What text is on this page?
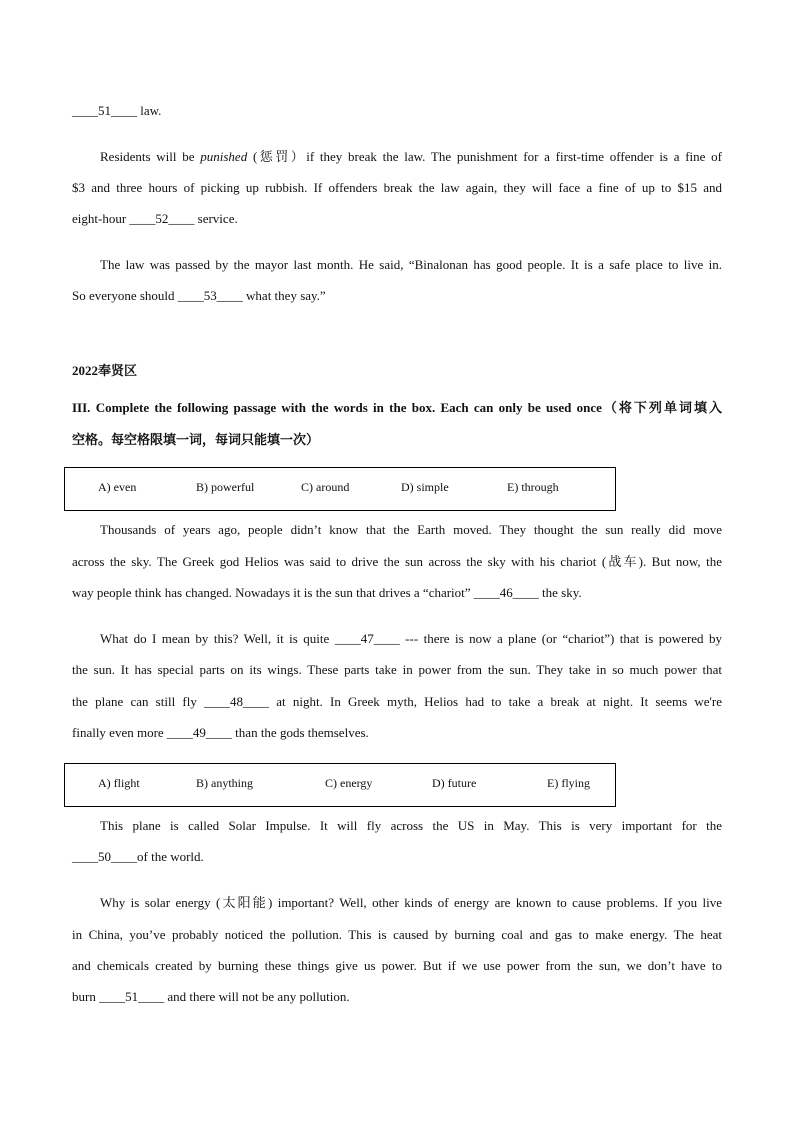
____51____ law.
Residents will be punished (惩罚）if they break the law. The punishment for a first-time offender is a fine of
$3 and three hours of picking up rubbish. If offenders break the law again, they will face a fine of up to $15 and
eight-hour ____52____ service.
The law was passed by the mayor last month. He said, “Binalonan has good people. It is a safe place to live in.
So everyone should ____53____ what they say.”
2022奉贤区
III. Complete the following passage with the words in the box. Each can only be used once（将下列单词填入
空格。每空格限填一词，每词只能填一次）
A) even	B) powerful	C) around	D) simple	E) through
Thousands of years ago, people didn’t know that the Earth moved. They thought the sun really did move
across the sky. The Greek god Helios was said to drive the sun across the sky with his chariot (战车). But now, the
way people think has changed. Nowadays it is the sun that drives a “chariot” ____46____ the sky.
What do I mean by this? Well, it is quite ____47____ --- there is now a plane (or “chariot”) that is powered by
the sun. It has special parts on its wings. These parts take in power from the sun. They take in so much power that
the plane can still fly ____48____ at night. In Greek myth, Helios had to take a break at night. It seems we're
finally even more ____49____ than the gods themselves.
A) flight	B) anything	C) energy	D) future	E) flying
This plane is called Solar Impulse. It will fly across the US in May. This is very important for the
____50____of the world.
Why is solar energy (太阳能) important? Well, other kinds of energy are known to cause problems. If you live
in China, you’ve probably noticed the pollution. This is caused by burning coal and gas to make energy. The heat
and chemicals created by burning these things give us power. But if we use power from the sun, we don’t have to
burn ____51____ and there will not be any pollution.
